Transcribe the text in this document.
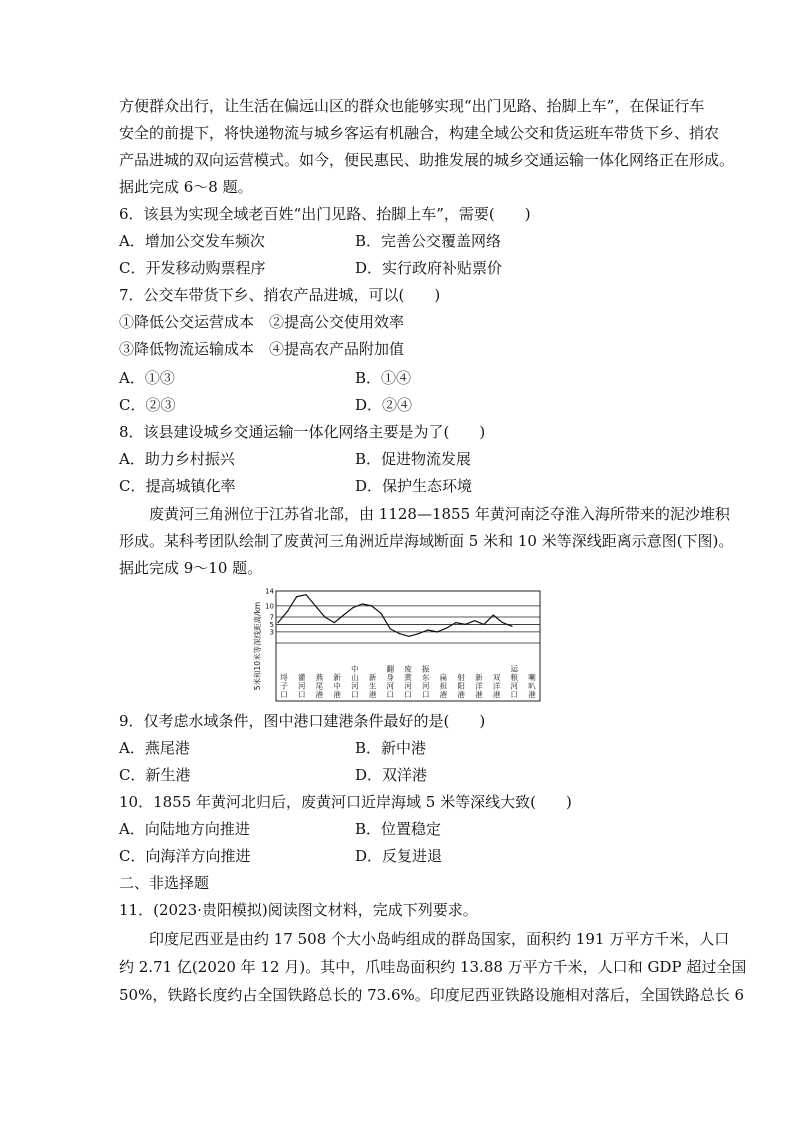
方便群众出行，让生活在偏远山区的群众也能够实现“出门见路、抬脚上车”，在保证行车
安全的前提下，将快递物流与城乡客运有机融合，构建全域公交和货运班车带货下乡、捎农
产品进城的双向运营模式。如今，便民惠民、助推发展的城乡交通运输一体化网络正在形成。
据此完成 6～8 题。
6．该县为实现全域老百姓“出门见路、抬脚上车”，需要(　　)
A．增加公交发车频次	B．完善公交覆盖网络
C．开发移动购票程序	D．实行政府补贴票价
7．公交车带货下乡、捎农产品进城，可以(　　)
①降低公交运营成本　②提高公交使用效率
③降低物流运输成本　④提高农产品附加值
A．①③	B．①④
C．②③	D．②④
8．该县建设城乡交通运输一体化网络主要是为了(　　)
A．助力乡村振兴	B．促进物流发展
C．提高城镇化率	D．保护生态环境
废黄河三角洲位于江苏省北部，由 1128—1855 年黄河南泛夺淮入海所带来的泥沙堆积
形成。某科考团队绘制了废黄河三角洲近岸海域断面 5 米和 10 米等深线距离示意图(下图)。
据此完成 9～10 题。
14
10
7
5
3
5米和10米等深线距离/km 埒
子
口
灌
河
口
燕
尾
港
新
中
港
中
山
河
口
新
生
港
翻
身
河
口
废
黄
河
口
振
东
河
口
扁
担
港
射
阳
港
新
洋
港
双
洋
港
运
粮
河
口
喇
叭
港
9．仅考虑水域条件，图中港口建港条件最好的是(　　)
A．燕尾港	B．新中港
C．新生港	D．双洋港
10．1855 年黄河北归后，废黄河口近岸海域 5 米等深线大致(　　)
A．向陆地方向推进	B．位置稳定
C．向海洋方向推进	D．反复进退
二、非选择题
11．(2023·贵阳模拟)阅读图文材料，完成下列要求。
印度尼西亚是由约 17 508 个大小岛屿组成的群岛国家，面积约 191 万平方千米，人口
约 2.71 亿(2020 年 12 月)。其中，爪哇岛面积约 13.88 万平方千米，人口和 GDP 超过全国
50%，铁路长度约占全国铁路总长的 73.6%。印度尼西亚铁路设施相对落后，全国铁路总长 6
